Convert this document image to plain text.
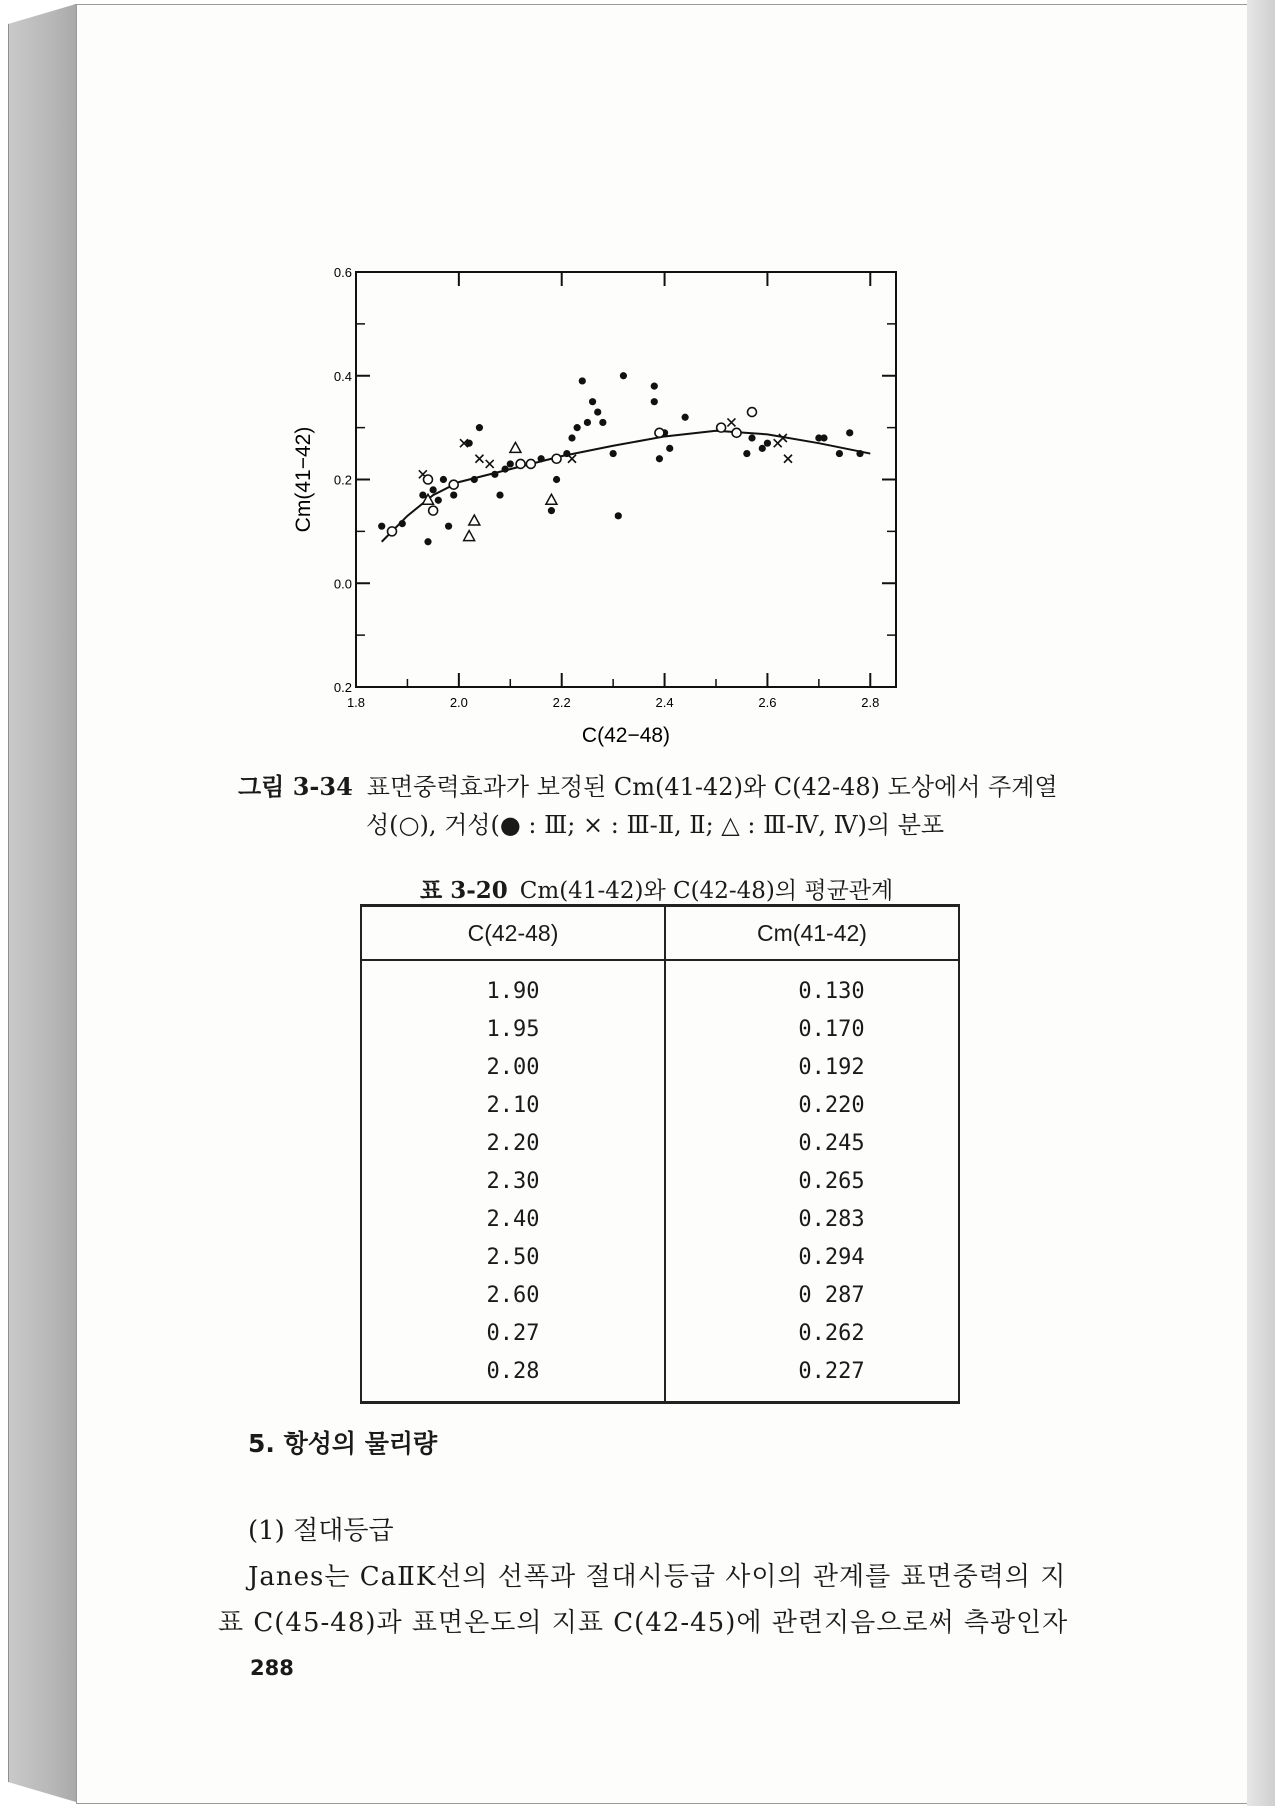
1.8	2.0	2.2	2.4	2.6	2.8
0.6
0.4
0.2
0.0
0.2
C(42−48)
Cm(41−42)
그림 3-34 표면중력효과가 보정된 Cm(41-42)와 C(42-48) 도상에서 주계열
성(○), 거성(● : Ⅲ; × : Ⅲ-Ⅱ, Ⅱ; △ : Ⅲ-Ⅳ, Ⅳ)의 분포
표 3-20 Cm(41-42)와 C(42-48)의 평균관계
C(42-48)	Cm(41-42)
1.90	0.130
1.95	0.170
2.00	0.192
2.10	0.220
2.20	0.245
2.30	0.265
2.40	0.283
2.50	0.294
2.60	0 287
0.27	0.262
0.28	0.227
5. 항성의 물리량
(1) 절대등급
Janes는 CaⅡK선의 선폭과 절대시등급 사이의 관계를 표면중력의 지
표 C(45-48)과 표면온도의 지표 C(42-45)에 관련지음으로써 측광인자
288
